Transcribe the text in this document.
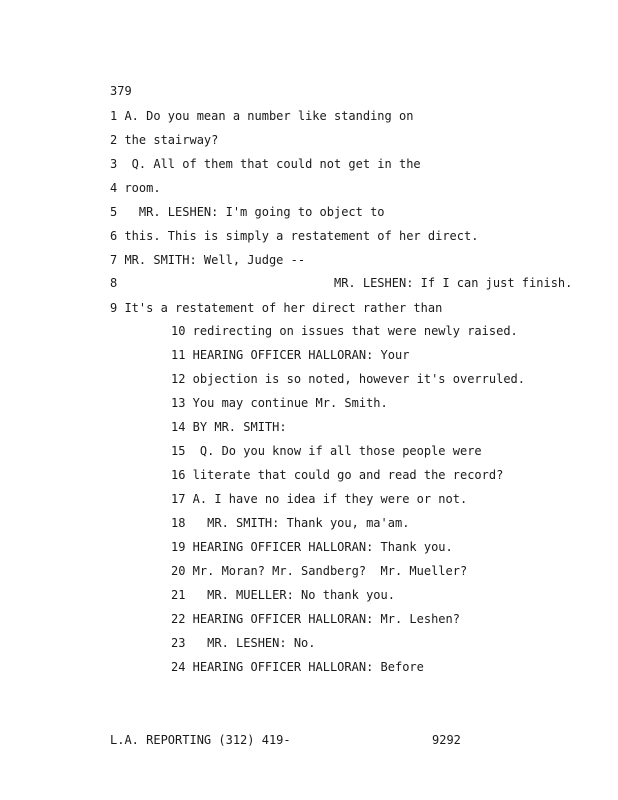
379
1 A. Do you mean a number like standing on
2 the stairway?
3  Q. All of them that could not get in the
4 room.
5   MR. LESHEN: I'm going to object to
6 this. This is simply a restatement of her direct.
7 MR. SMITH: Well, Judge --
8                              MR. LESHEN: If I can just finish.
9 It's a restatement of her direct rather than
10 redirecting on issues that were newly raised.
11 HEARING OFFICER HALLORAN: Your
12 objection is so noted, however it's overruled.
13 You may continue Mr. Smith.
14 BY MR. SMITH:
15  Q. Do you know if all those people were
16 literate that could go and read the record?
17 A. I have no idea if they were or not.
18   MR. SMITH: Thank you, ma'am.
19 HEARING OFFICER HALLORAN: Thank you.
20 Mr. Moran? Mr. Sandberg?  Mr. Mueller?
21   MR. MUELLER: No thank you.
22 HEARING OFFICER HALLORAN: Mr. Leshen?
23   MR. LESHEN: No.
24 HEARING OFFICER HALLORAN: Before
L.A. REPORTING (312) 419-	9292
